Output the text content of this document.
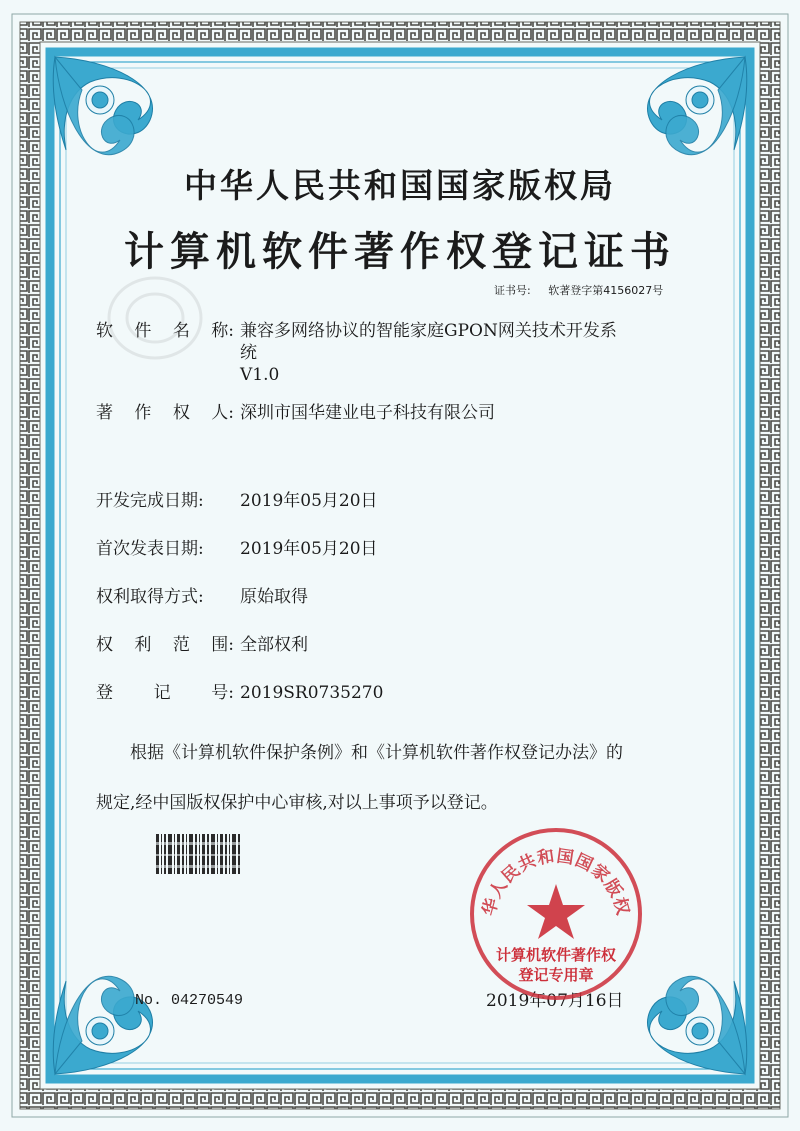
中华人民共和国国家版权局
计算机软件著作权登记证书
证书号: 软著登字第4156027号
软 件 名 称: 兼容多网络协议的智能家庭GPON网关技术开发系
统
V1.0
著 作 权 人: 深圳市国华建业电子科技有限公司
开发完成日期:	2019年05月20日
首次发表日期:	2019年05月20日
权利取得方式:	原始取得
权 利 范 围: 全部权利
登 记 号: 2019SR0735270
根据《计算机软件保护条例》和《计算机软件著作权登记办法》的
规定,经中国版权保护中心审核,对以上事项予以登记。
No. 04270549	2019年07月16日
华人民共和国国家版权
计算机软件著作权
登记专用章
